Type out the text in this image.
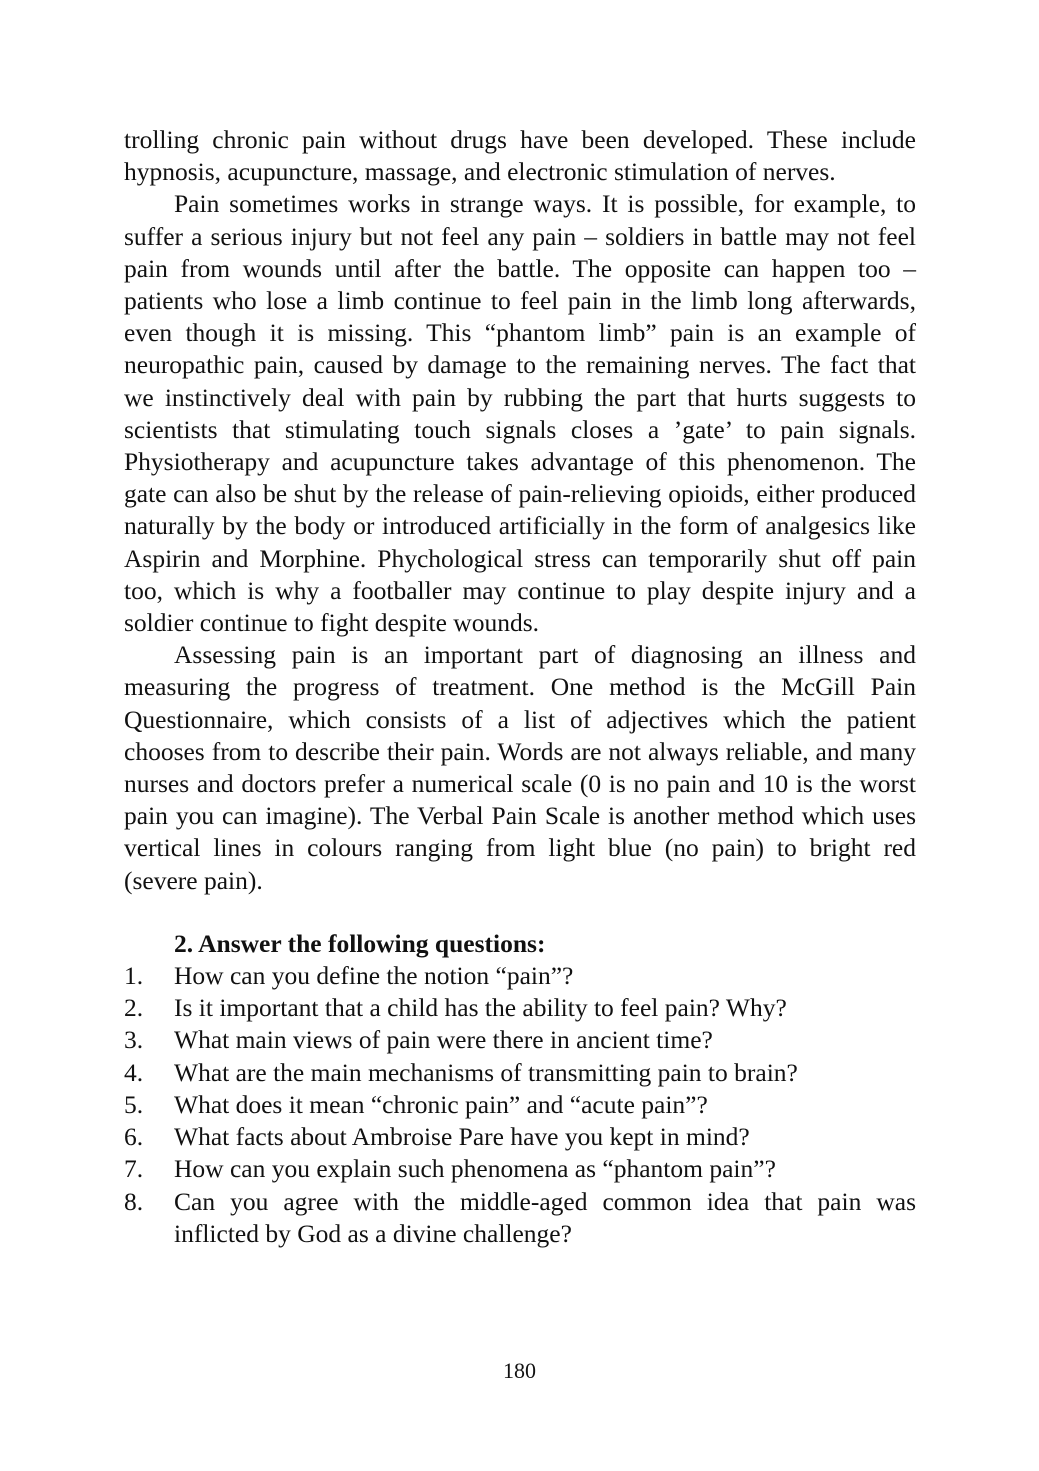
trolling chronic pain without drugs have been developed. These include hypnosis, acupuncture, massage, and electronic stimulation of nerves.

Pain sometimes works in strange ways. It is possible, for example, to suffer a serious injury but not feel any pain – soldiers in battle may not feel pain from wounds until after the battle. The opposite can happen too – patients who lose a limb continue to feel pain in the limb long afterwards, even though it is missing. This “phantom limb” pain is an example of neuropathic pain, caused by damage to the remaining nerves. The fact that we instinctively deal with pain by rubbing the part that hurts suggests to scientists that stimulating touch signals closes a ’gate’ to pain signals. Physiotherapy and acupuncture takes advantage of this phenomenon. The gate can also be shut by the release of pain-relieving opioids, either produced naturally by the body or introduced artificially in the form of analgesics like Aspirin and Morphine. Phychological stress can temporarily shut off pain too, which is why a footballer may continue to play despite injury and a soldier continue to fight despite wounds.

Assessing pain is an important part of diagnosing an illness and measuring the progress of treatment. One method is the McGill Pain Questionnaire, which consists of a list of adjectives which the patient chooses from to describe their pain. Words are not always reliable, and many nurses and doctors prefer a numerical scale (0 is no pain and 10 is the worst pain you can imagine). The Verbal Pain Scale is another method which uses vertical lines in colours ranging from light blue (no pain) to bright red (severe pain).

2. Answer the following questions:

1. How can you define the notion “pain”?
2. Is it important that a child has the ability to feel pain? Why?
3. What main views of pain were there in ancient time?
4. What are the main mechanisms of transmitting pain to brain?
5. What does it mean “chronic pain” and “acute pain”?
6. What facts about Ambroise Pare have you kept in mind?
7. How can you explain such phenomena as “phantom pain”?
8. Can you agree with the middle-aged common idea that pain was inflicted by God as a divine challenge?
180
